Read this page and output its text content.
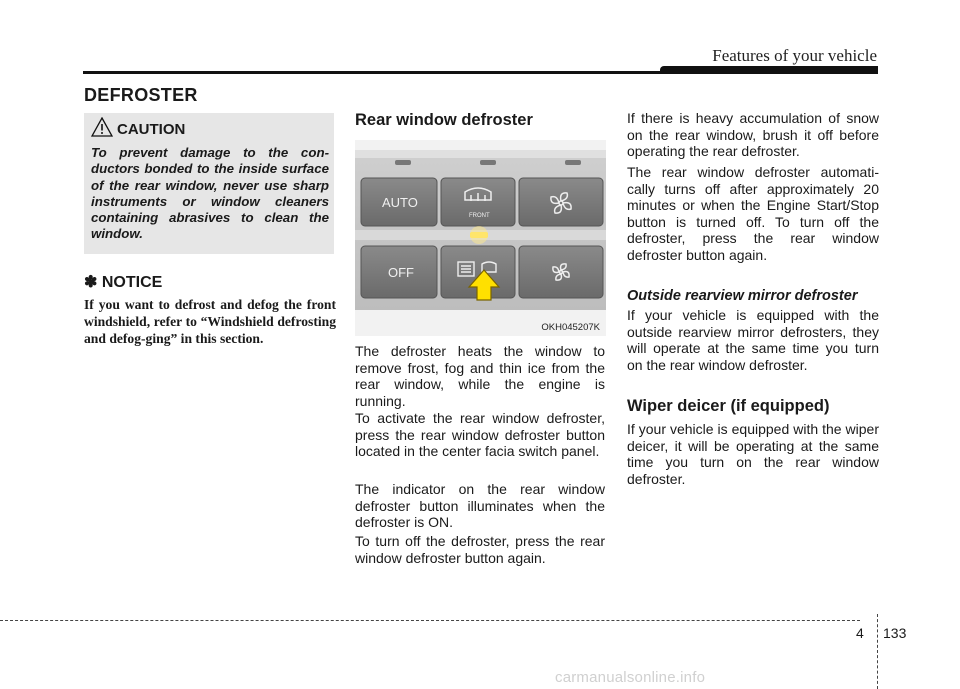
Features of your vehicle
DEFROSTER
CAUTION
To prevent damage to the con-ductors bonded to the inside surface of the rear window, never use sharp instruments or window cleaners containing abrasives to clean the window.
✽ NOTICE
If you want to defrost and defog the front windshield, refer to “Windshield defrosting and defog-ging” in this section.
Rear window defroster
AUTO
FRONT
OFF
OKH045207K
The defroster heats the window to remove frost, fog and thin ice from the rear window, while the engine is running.
To activate the rear window defroster, press the rear window defroster button located in the center facia switch panel.
The indicator on the rear window defroster button illuminates when the defroster is ON.
To turn off the defroster, press the rear window defroster button again.
If there is heavy accumulation of snow on the rear window, brush it off before operating the rear defroster.
The rear window defroster automati-cally turns off after approximately 20 minutes or when the Engine Start/Stop button is turned off. To turn off the defroster, press the rear window defroster button again.
Outside rearview mirror defroster
If your vehicle is equipped with the outside rearview mirror defrosters, they will operate at the same time you turn on the rear window defroster.
Wiper deicer (if equipped)
If your vehicle is equipped with the wiper deicer, it will be operating at the same time you turn on the rear window defroster.
4 133
carmanualsonline.info
